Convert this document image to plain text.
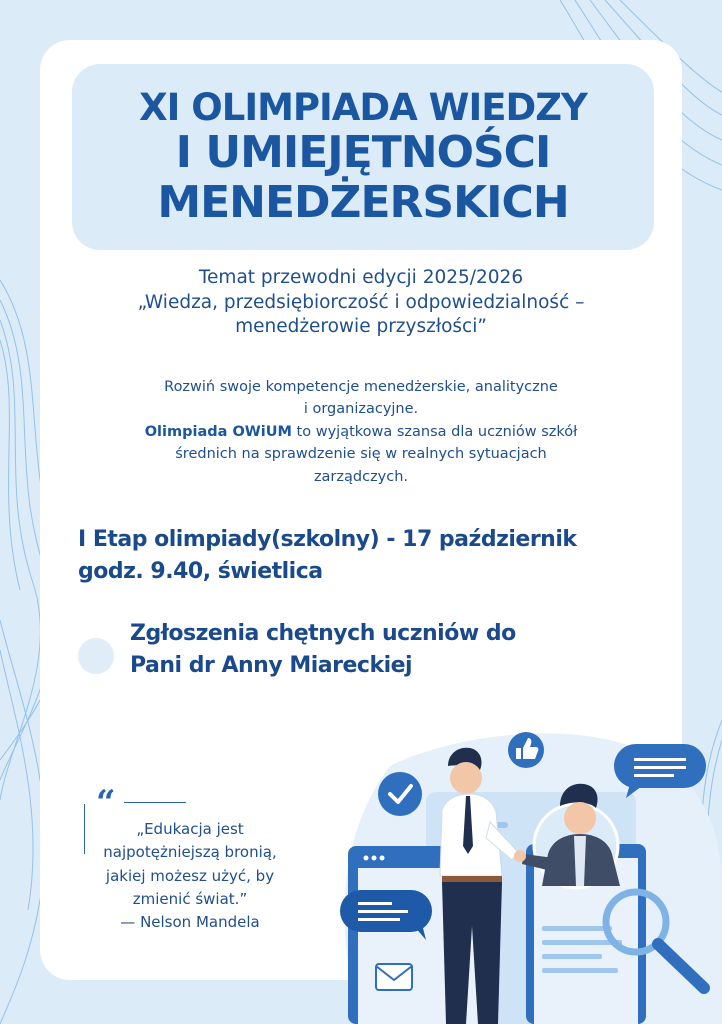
XI OLIMPIADA WIEDZY
I UMIEJĘTNOŚCI
MENEDŻERSKICH
Temat przewodni edycji 2025/2026
„Wiedza, przedsiębiorczość i odpowiedzialność –
menedżerowie przyszłości”
Rozwiń swoje kompetencje menedżerskie, analityczne
i organizacyjne.
Olimpiada OWiUM to wyjątkowa szansa dla uczniów szkół
średnich na sprawdzenie się w realnych sytuacjach
zarządczych.
I Etap olimpiady(szkolny) - 17 październik
godz. 9.40, świetlica
Zgłoszenia chętnych uczniów do
Pani dr Anny Miareckiej
“
„Edukacja jest
najpotężniejszą bronią,
jakiej możesz użyć, by
zmienić świat.”
— Nelson Mandela
